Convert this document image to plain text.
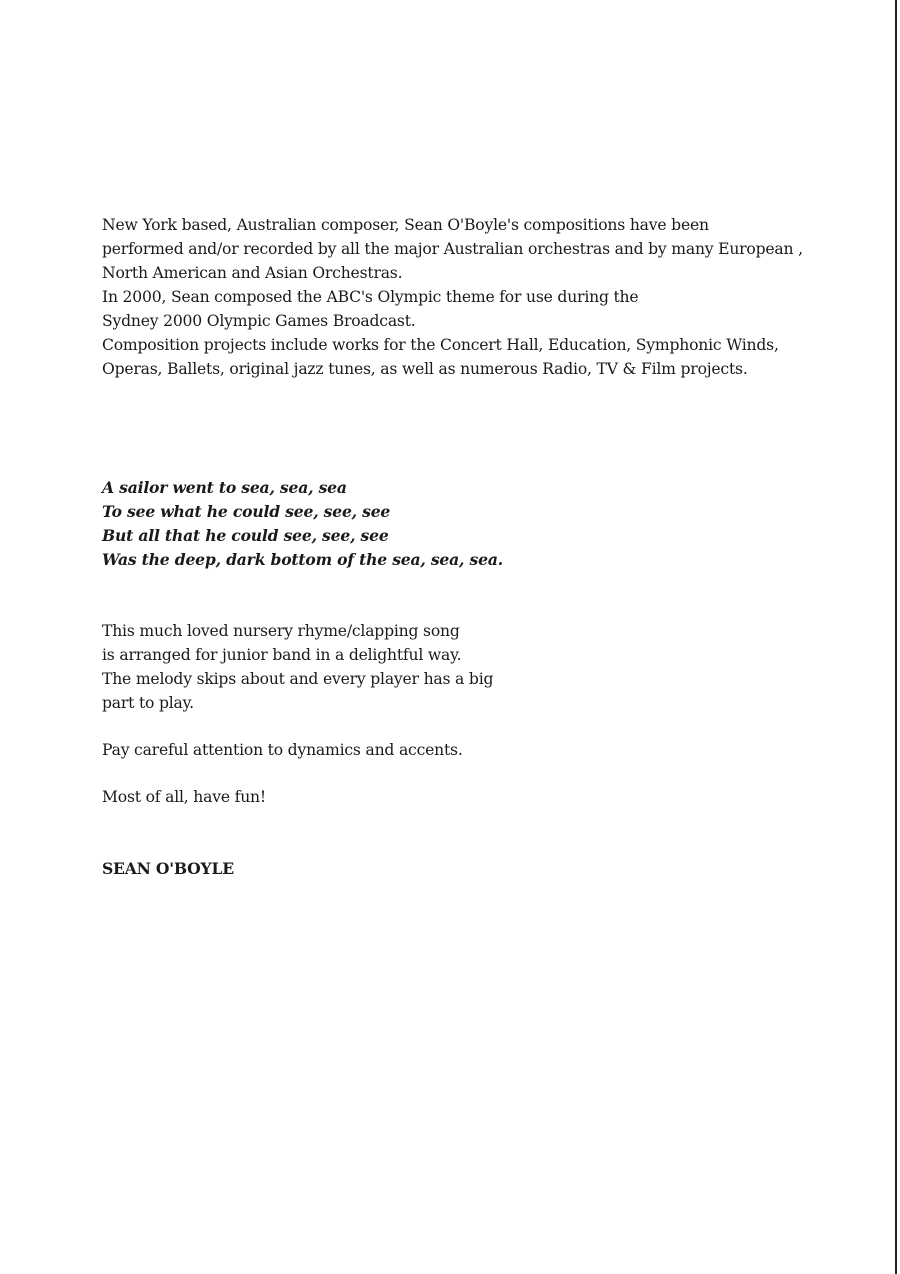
New York based, Australian composer, Sean O'Boyle's compositions have been
performed and/or recorded by all the major Australian orchestras and by many European ,
North American and Asian Orchestras.
In 2000, Sean composed the ABC's Olympic theme for use during the
Sydney 2000 Olympic Games Broadcast.
Composition projects include works for the Concert Hall, Education, Symphonic Winds,
Operas, Ballets, original jazz tunes, as well as numerous Radio, TV & Film projects.
A sailor went to sea, sea, sea
To see what he could see, see, see
But all that he could see, see, see
Was the deep, dark bottom of the sea, sea, sea.
This much loved nursery rhyme/clapping song
is arranged for junior band in a delightful way.
The melody skips about and every player has a big
part to play.

Pay careful attention to dynamics and accents.

Most of all, have fun!

SEAN O'BOYLE
